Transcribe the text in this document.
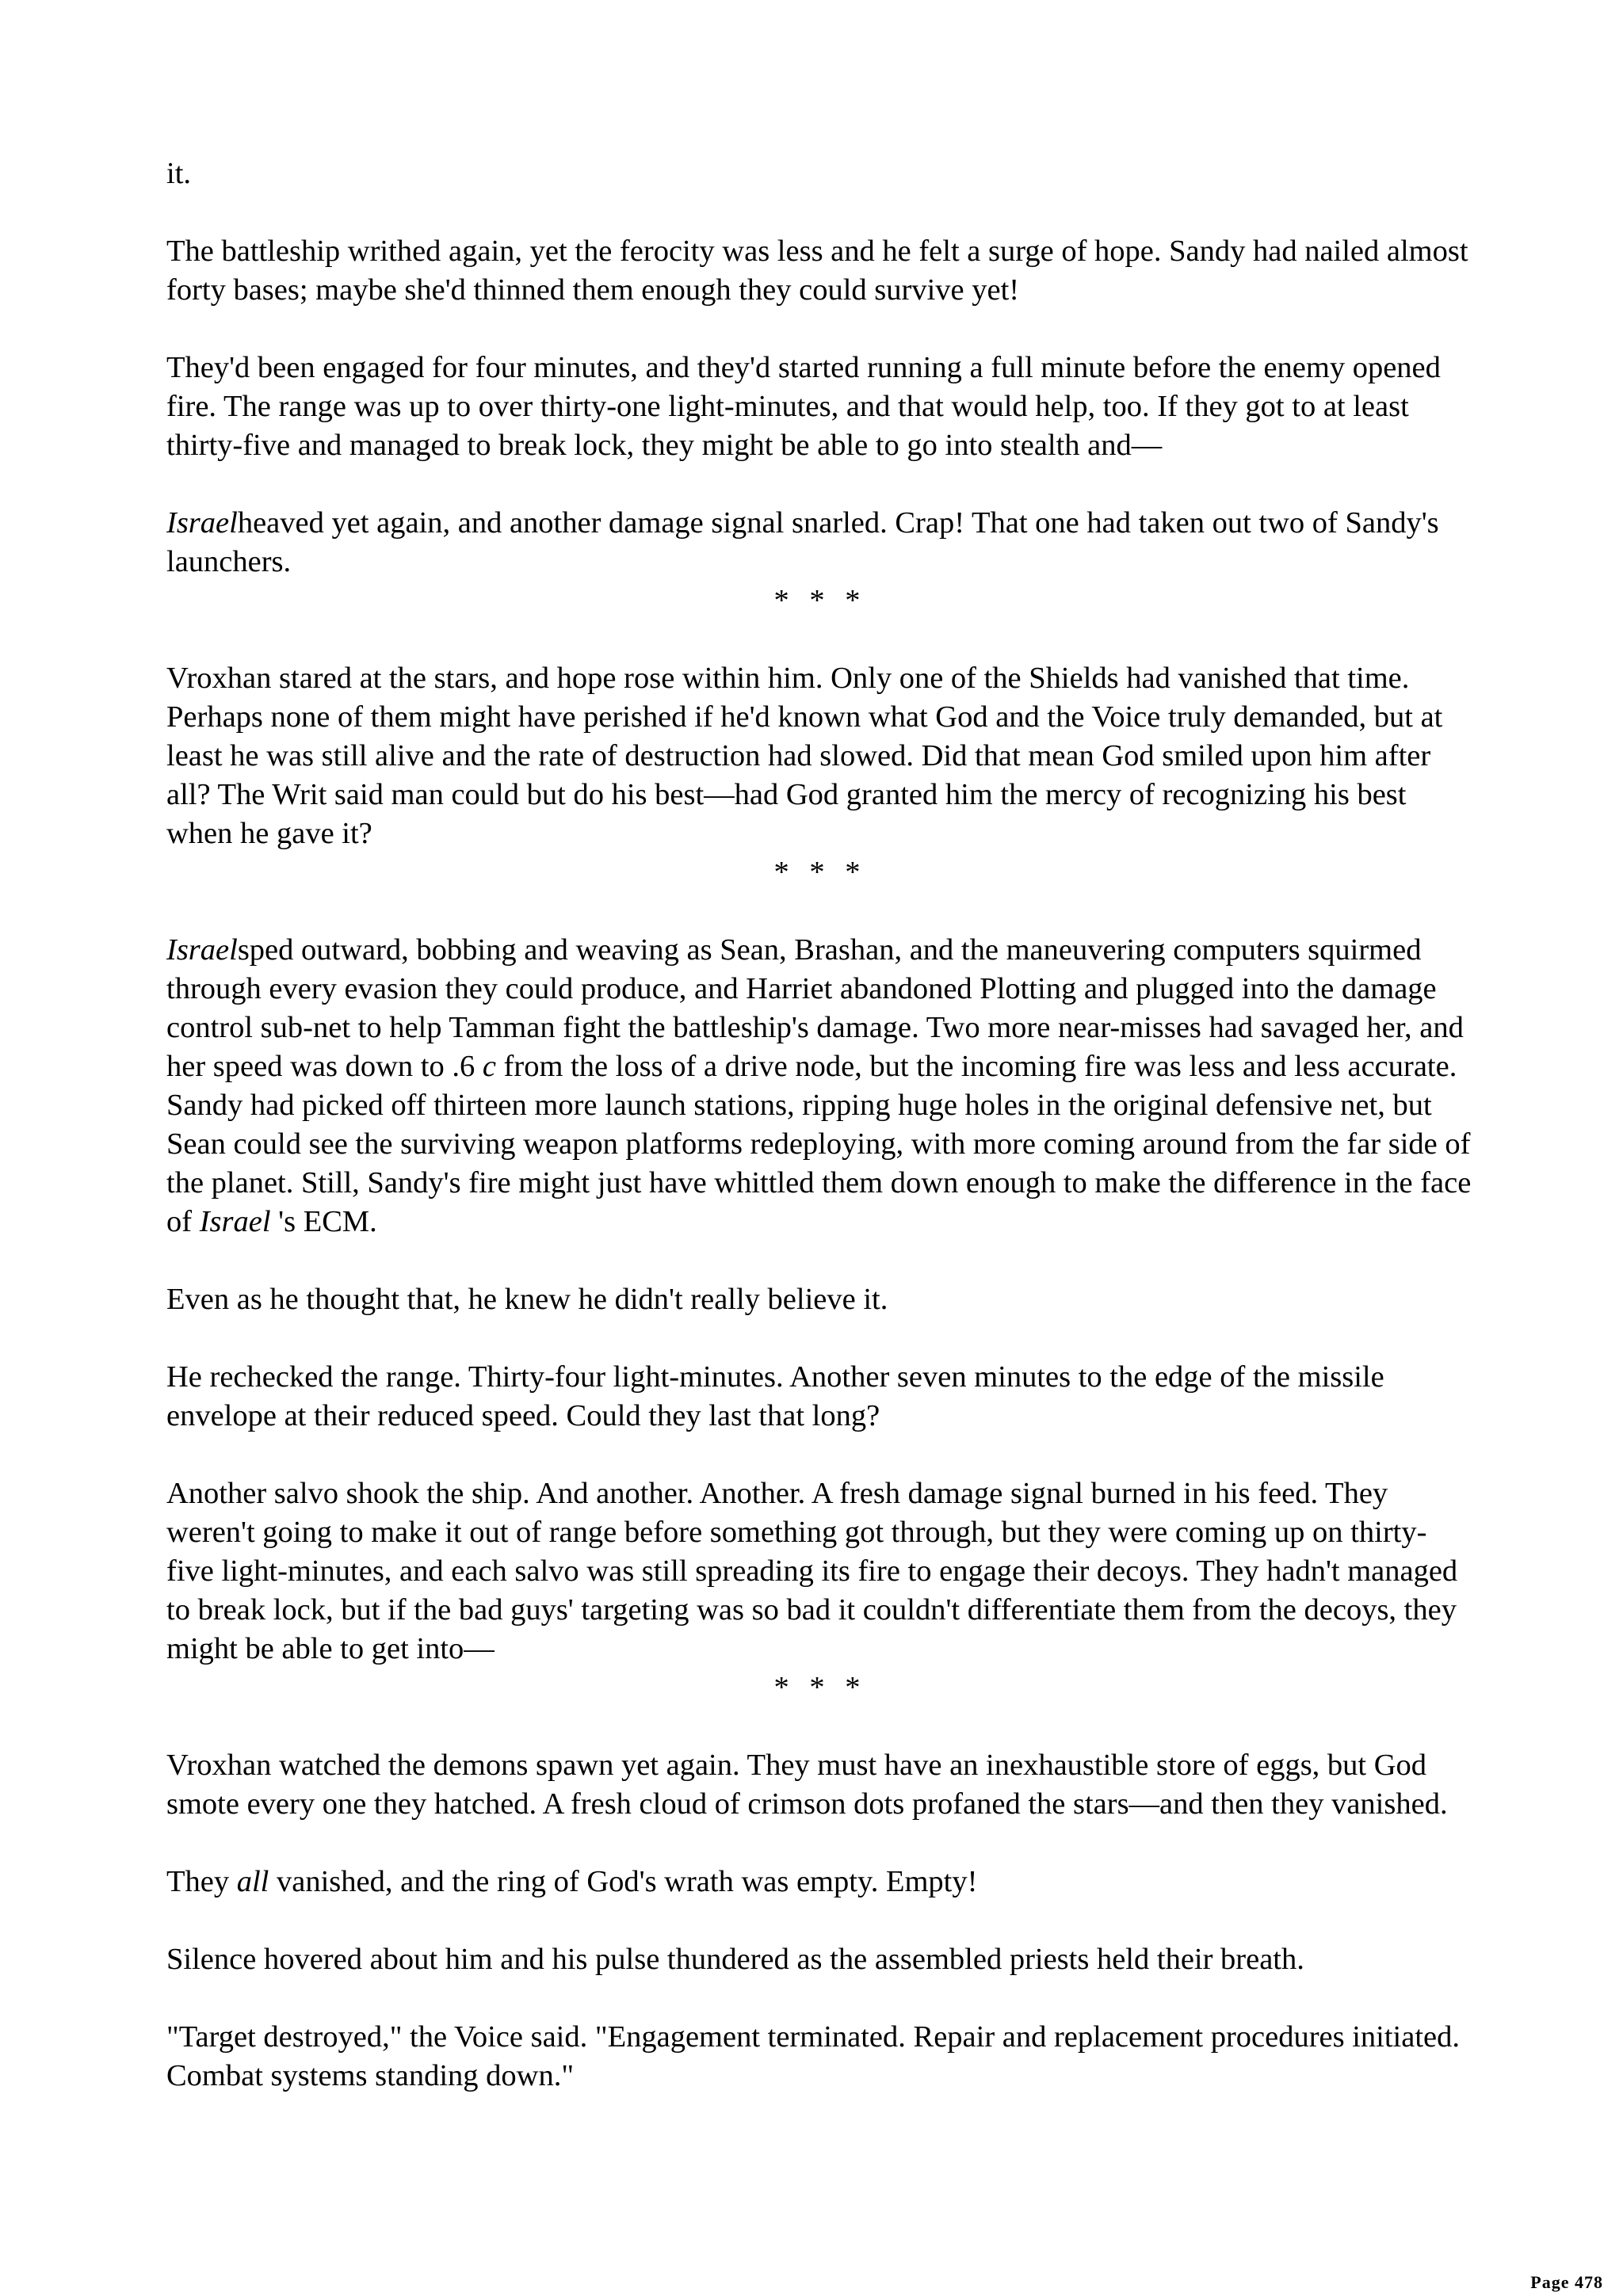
it.

The battleship writhed again, yet the ferocity was less and he felt a surge of hope. Sandy had nailed almost forty bases; maybe she'd thinned them enough they could survive yet!

They'd been engaged for four minutes, and they'd started running a full minute before the enemy opened fire. The range was up to over thirty-one light-minutes, and that would help, too. If they got to at least thirty-five and managed to break lock, they might be able to go into stealth and—

Israelheaved yet again, and another damage signal snarled. Crap! That one had taken out two of Sandy's launchers.

* * *

Vroxhan stared at the stars, and hope rose within him. Only one of the Shields had vanished that time. Perhaps none of them might have perished if he'd known what God and the Voice truly demanded, but at least he was still alive and the rate of destruction had slowed. Did that mean God smiled upon him after all? The Writ said man could but do his best—had God granted him the mercy of recognizing his best when he gave it?

* * *

Israelsped outward, bobbing and weaving as Sean, Brashan, and the maneuvering computers squirmed through every evasion they could produce, and Harriet abandoned Plotting and plugged into the damage control sub-net to help Tamman fight the battleship's damage. Two more near-misses had savaged her, and her speed was down to .6 c from the loss of a drive node, but the incoming fire was less and less accurate. Sandy had picked off thirteen more launch stations, ripping huge holes in the original defensive net, but Sean could see the surviving weapon platforms redeploying, with more coming around from the far side of the planet. Still, Sandy's fire might just have whittled them down enough to make the difference in the face of Israel 's ECM.

Even as he thought that, he knew he didn't really believe it.

He rechecked the range. Thirty-four light-minutes. Another seven minutes to the edge of the missile envelope at their reduced speed. Could they last that long?

Another salvo shook the ship. And another. Another. A fresh damage signal burned in his feed. They weren't going to make it out of range before something got through, but they were coming up on thirty-five light-minutes, and each salvo was still spreading its fire to engage their decoys. They hadn't managed to break lock, but if the bad guys' targeting was so bad it couldn't differentiate them from the decoys, they might be able to get into—

* * *

Vroxhan watched the demons spawn yet again. They must have an inexhaustible store of eggs, but God smote every one they hatched. A fresh cloud of crimson dots profaned the stars—and then they vanished.

They all vanished, and the ring of God's wrath was empty. Empty!

Silence hovered about him and his pulse thundered as the assembled priests held their breath.

"Target destroyed," the Voice said. "Engagement terminated. Repair and replacement procedures initiated. Combat systems standing down."

Page 478
